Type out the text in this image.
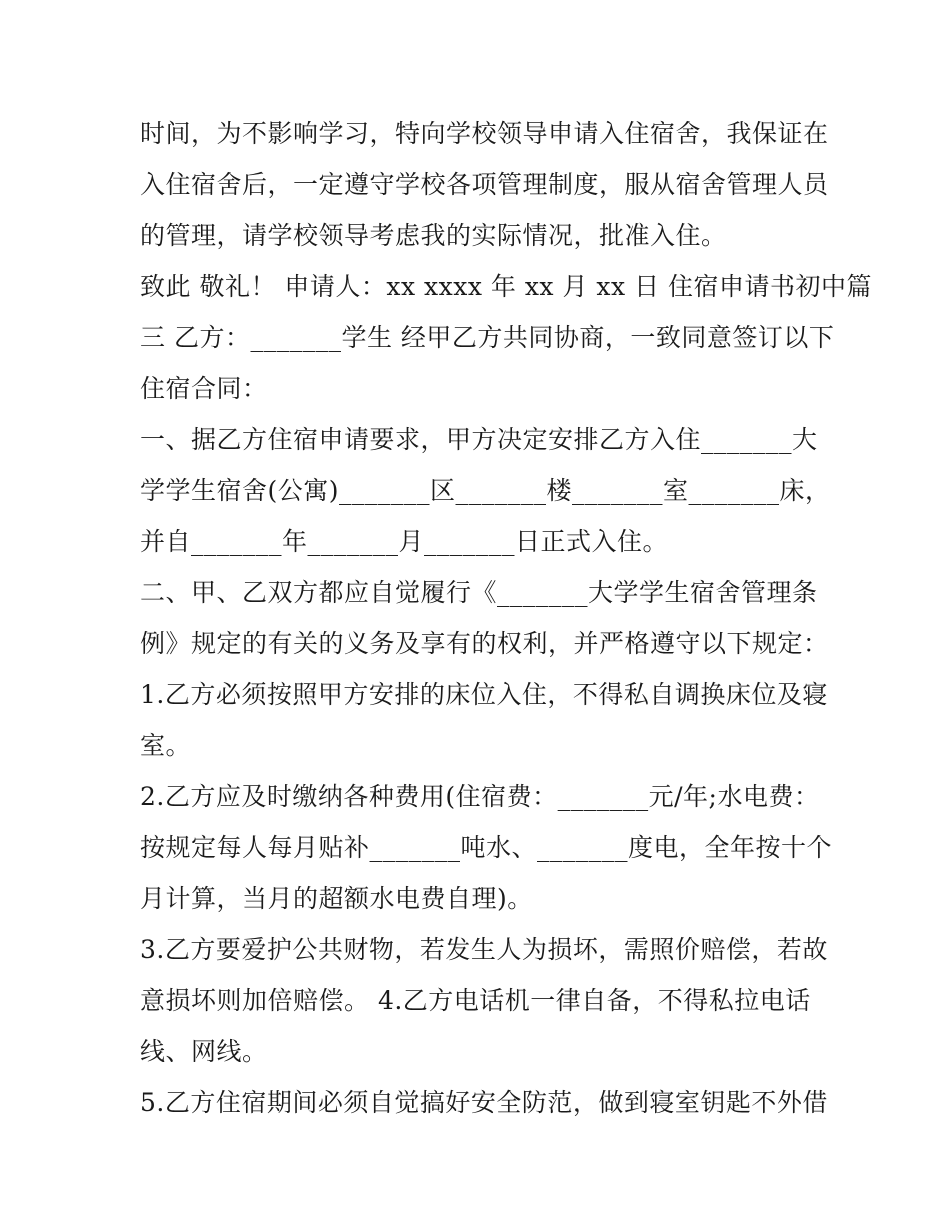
时间，为不影响学习，特向学校领导申请入住宿舍，我保证在
入住宿舍后，一定遵守学校各项管理制度，服从宿舍管理人员
的管理，请学校领导考虑我的实际情况，批准入住。
致此 敬礼！ 申请人：xx xxxx 年 xx 月 xx 日 住宿申请书初中篇
三 乙方：_______学生 经甲乙方共同协商，一致同意签订以下
住宿合同：
一、据乙方住宿申请要求，甲方决定安排乙方入住_______大
学学生宿舍(公寓)_______区_______楼_______室_______床，
并自_______年_______月_______日正式入住。
二、甲、乙双方都应自觉履行《_______大学学生宿舍管理条
例》规定的有关的义务及享有的权利，并严格遵守以下规定：
1.乙方必须按照甲方安排的床位入住，不得私自调换床位及寝
室。
2.乙方应及时缴纳各种费用(住宿费：_______元/年;水电费：
按规定每人每月贴补_______吨水、_______度电，全年按十个
月计算，当月的超额水电费自理)。
3.乙方要爱护公共财物，若发生人为损坏，需照价赔偿，若故
意损坏则加倍赔偿。 4.乙方电话机一律自备，不得私拉电话
线、网线。
5.乙方住宿期间必须自觉搞好安全防范，做到寝室钥匙不外借
